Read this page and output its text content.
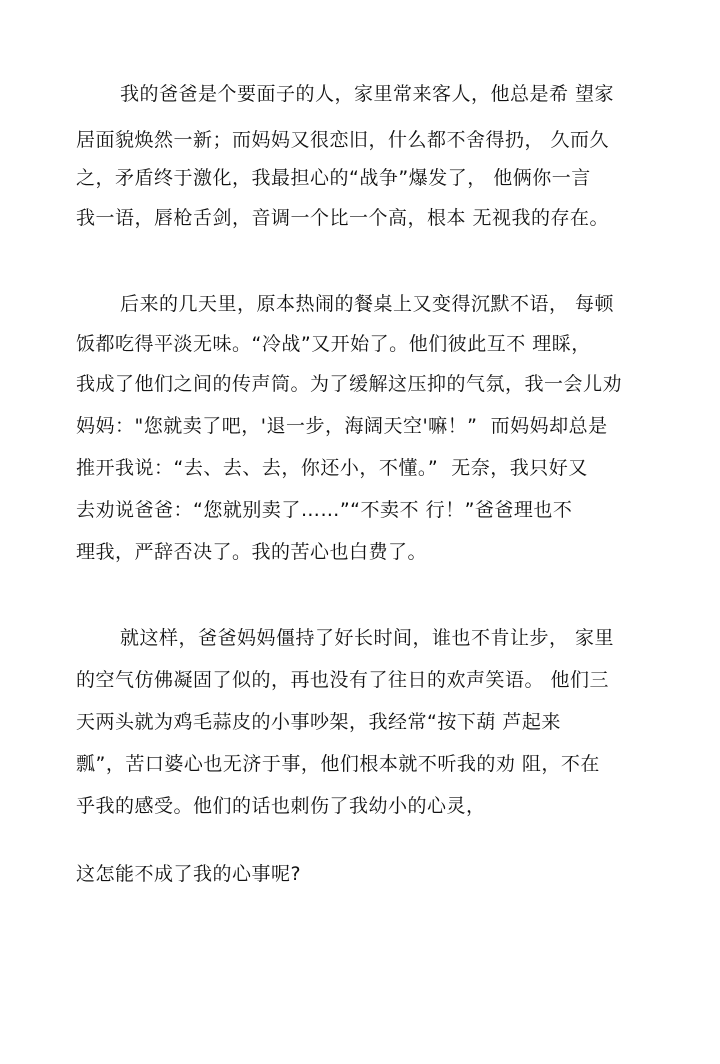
我的爸爸是个要面子的人，家里常来客人，他总是希 望家
居面貌焕然一新；而妈妈又很恋旧，什么都不舍得扔， 久而久
之，矛盾终于激化，我最担心的“战争”爆发了， 他俩你一言
我一语，唇枪舌剑，音调一个比一个高，根本 无视我的存在。
后来的几天里，原本热闹的餐桌上又变得沉默不语， 每顿
饭都吃得平淡无味。“冷战”又开始了。他们彼此互不 理睬，
我成了他们之间的传声筒。为了缓解这压抑的气氛，我一会儿劝
妈妈："您就卖了吧，'退一步，海阔天空'嘛！”  而妈妈却总是
推开我说：“去、去、去，你还小，不懂。”  无奈，我只好又
去劝说爸爸：“您就别卖了……”“不卖不 行！”爸爸理也不
理我，严辞否决了。我的苦心也白费了。
就这样，爸爸妈妈僵持了好长时间，谁也不肯让步， 家里
的空气仿佛凝固了似的，再也没有了往日的欢声笑语。 他们三
天两头就为鸡毛蒜皮的小事吵架，我经常“按下葫 芦起来
瓢”，苦口婆心也无济于事，他们根本就不听我的劝 阻，不在
乎我的感受。他们的话也刺伤了我幼小的心灵，
这怎能不成了我的心事呢?
